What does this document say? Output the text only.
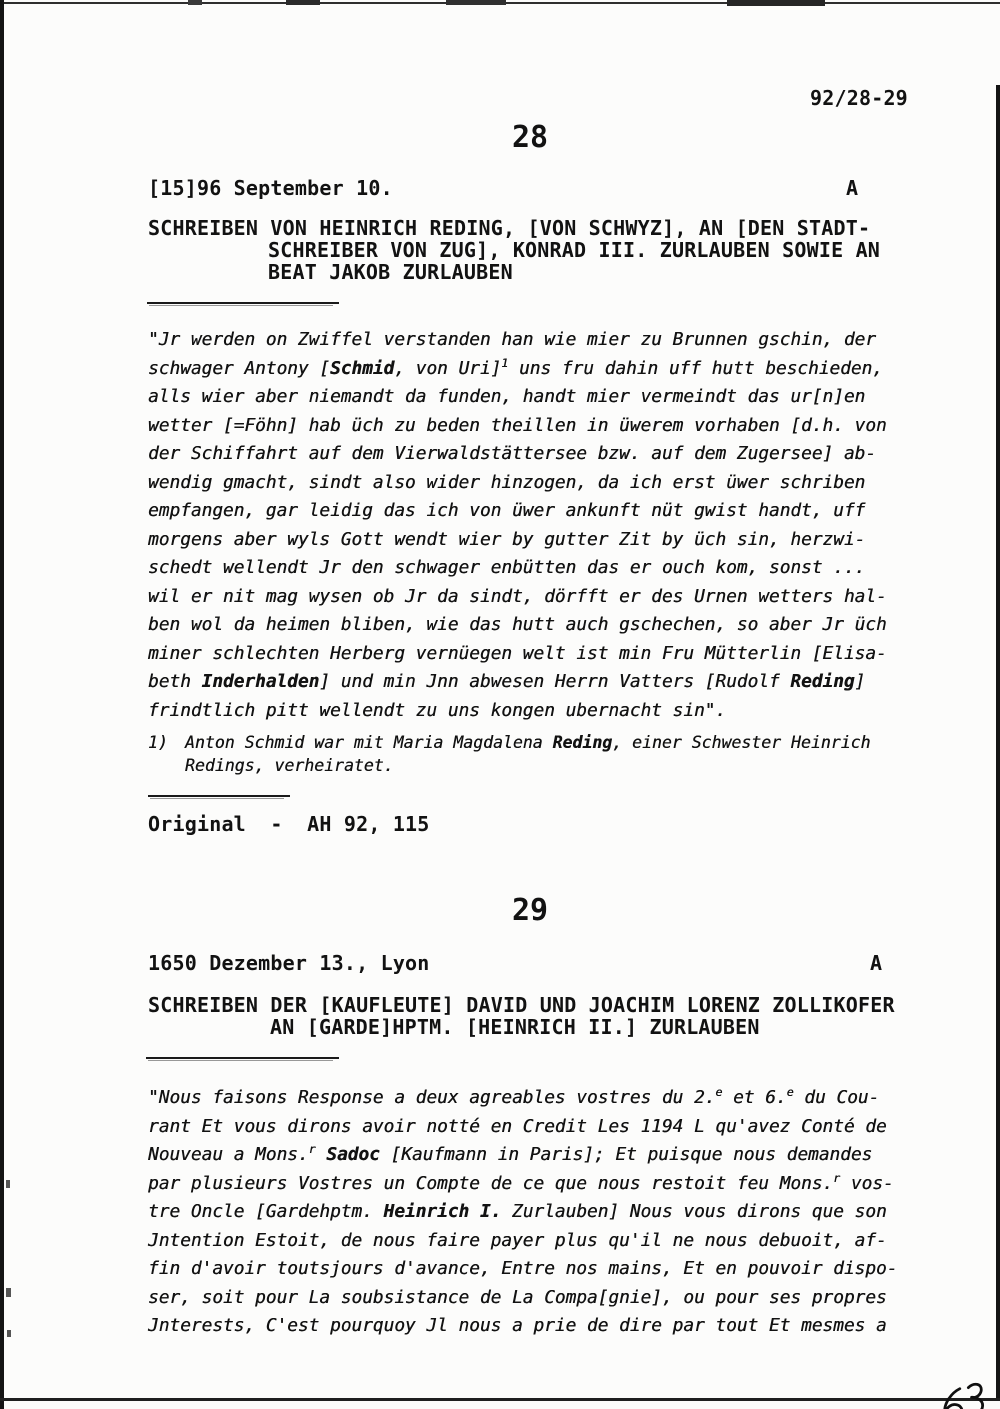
92/28-29
28
[15]96 September 10.	A
SCHREIBEN VON HEINRICH REDING, [VON SCHWYZ], AN [DEN STADT-
SCHREIBER VON ZUG], KONRAD III. ZURLAUBEN SOWIE AN
BEAT JAKOB ZURLAUBEN
"Jr werden on Zwiffel verstanden han wie mier zu Brunnen gschin, der
schwager Antony [Schmid, von Uri]$^1$ uns fru dahin uff hutt beschieden,
alls wier aber niemandt da funden, handt mier vermeindt das ur[n]en
wetter [=Föhn] hab üch zu beden theillen in üwerem vorhaben [d.h. von
der Schiffahrt auf dem Vierwaldstättersee bzw. auf dem Zugersee] ab-
wendig gmacht, sindt also wider hinzogen, da ich erst üwer schriben
empfangen, gar leidig das ich von üwer ankunft nüt gwist handt, uff
morgens aber wyls Gott wendt wier by gutter Zit by üch sin, herzwi-
schedt wellendt Jr den schwager enbütten das er ouch kom, sonst ...
wil er nit mag wysen ob Jr da sindt, dörfft er des Urnen wetters hal-
ben wol da heimen bliben, wie das hutt auch gschechen, so aber Jr üch
miner schlechten Herberg vernüegen welt ist min Fru Mütterlin [Elisa-
beth Inderhalden] und min Jnn abwesen Herrn Vatters [Rudolf Reding]
frindtlich pitt wellendt zu uns kongen ubernacht sin".
1) Anton Schmid war mit Maria Magdalena Reding, einer Schwester Heinrich
Redings, verheiratet.
Original  -  AH 92, 115
29
1650 Dezember 13., Lyon	A
SCHREIBEN DER [KAUFLEUTE] DAVID UND JOACHIM LORENZ ZOLLIKOFER
AN [GARDE]HPTM. [HEINRICH II.] ZURLAUBEN
"Nous faisons Response a deux agreables vostres du 2.$^e$ et 6.$^e$ du Cou-
rant Et vous dirons avoir notté en Credit Les 1194 L qu'avez Conté de
Nouveau a Mons.$^r$ Sadoc [Kaufmann in Paris]; Et puisque nous demandes
par plusieurs Vostres un Compte de ce que nous restoit feu Mons.$^r$ vos-
tre Oncle [Gardehptm. Heinrich I. Zurlauben] Nous vous dirons que son
Jntention Estoit, de nous faire payer plus qu'il ne nous debuoit, af-
fin d'avoir toutsjours d'avance, Entre nos mains, Et en pouvoir dispo-
ser, soit pour La soubsistance de La Compa[gnie], ou pour ses propres
Jnterests, C'est pourquoy Jl nous a prie de dire par tout Et mesmes a
